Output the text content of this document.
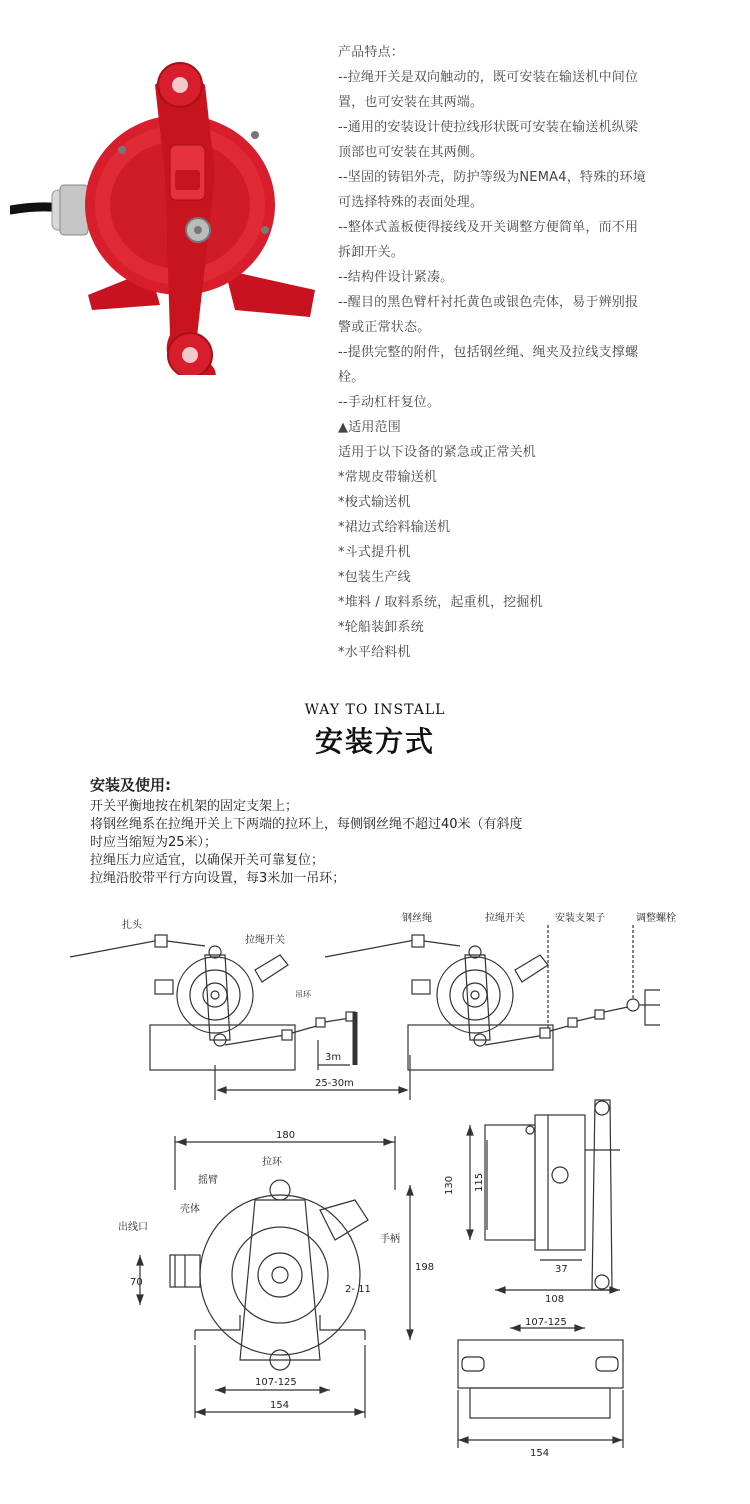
产品特点：
--拉绳开关是双向触动的，既可安装在输送机中间位
置，也可安装在其两端。
--通用的安装设计使拉线形状既可安装在输送机纵梁
顶部也可安装在其两侧。
--坚固的铸铝外壳，防护等级为NEMA4，特殊的环境
可选择特殊的表面处理。
--整体式盖板使得接线及开关调整方便简单，而不用
拆卸开关。
--结构件设计紧凑。
--醒目的黑色臂杆衬托黄色或银色壳体，易于辨别报
警或正常状态。
--提供完整的附件，包括钢丝绳、绳夹及拉线支撑螺
栓。
--手动杠杆复位。
▲适用范围
适用于以下设备的紧急或正常关机
*常规皮带输送机
*梭式输送机
*裙边式给料输送机
*斗式提升机
*包装生产线
*堆料 / 取料系统，起重机，挖掘机
*轮船装卸系统
*水平给料机
WAY TO INSTALL
安装方式
安装及使用:
开关平衡地按在机架的固定支架上；
将钢丝绳系在拉绳开关上下两端的拉环上，每侧钢丝绳不超过40米（有斜度
时应当缩短为25米）；
拉绳压力应适宜，以确保开关可靠复位；
拉绳沿胶带平行方向设置，每3米加一吊环；
扎头
拉绳开关
吊环
3m
25-30m
钢丝绳	拉绳开关	安装支架子	调整螺栓
180
拉环
摇臂
壳体
出线口
手柄
70
198
2- 11
107-125
154
130 115
37
108
107-125
154
